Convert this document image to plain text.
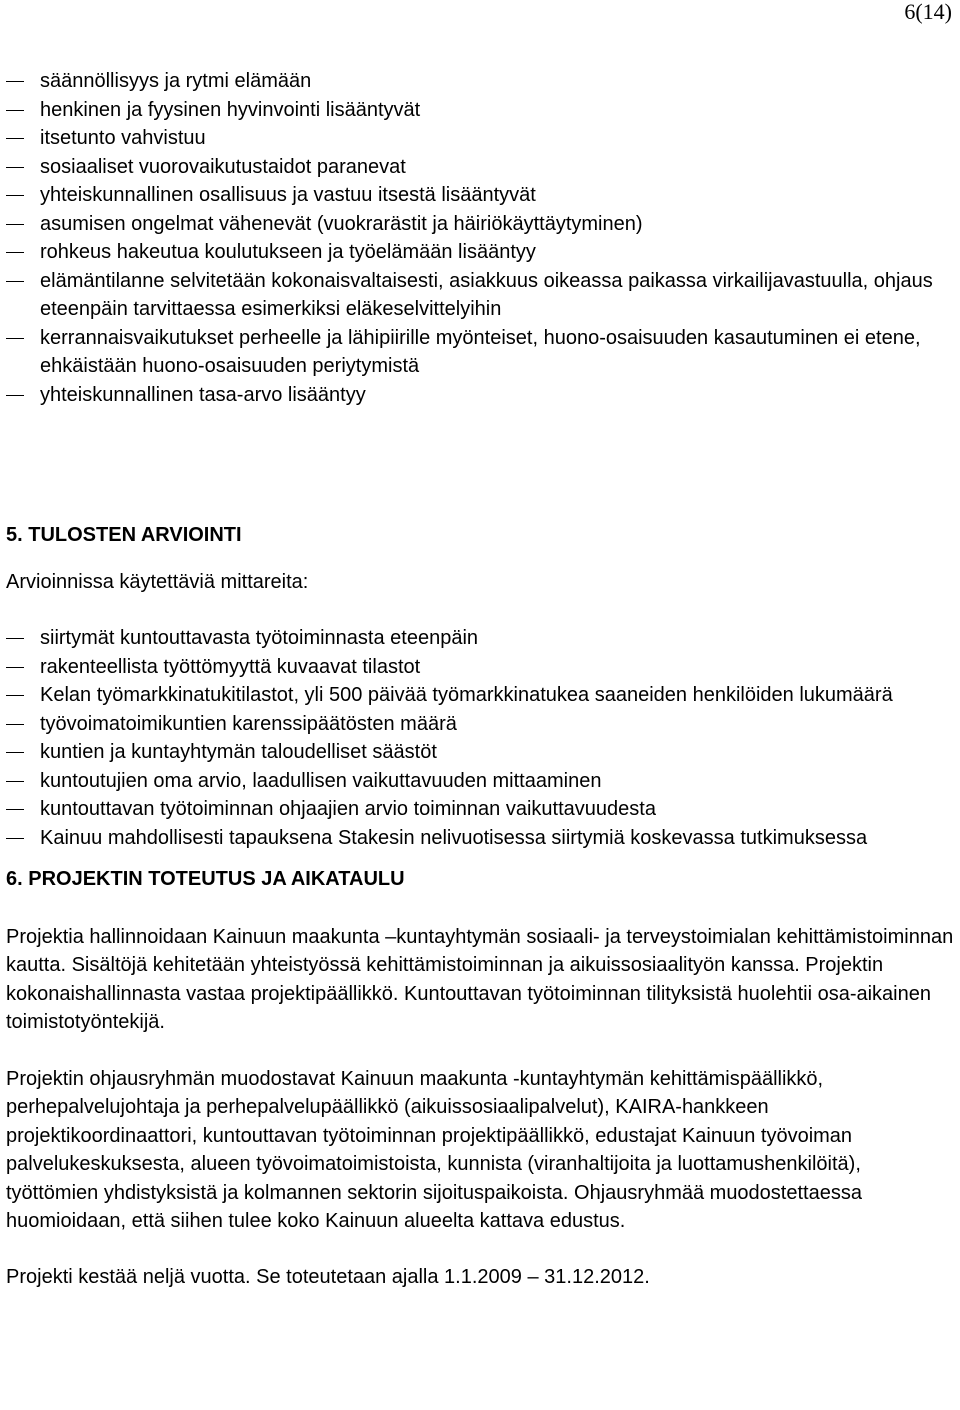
6(14)
säännöllisyys ja rytmi elämään
henkinen ja fyysinen hyvinvointi lisääntyvät
itsetunto vahvistuu
sosiaaliset vuorovaikutustaidot paranevat
yhteiskunnallinen osallisuus ja vastuu itsestä lisääntyvät
asumisen ongelmat vähenevät (vuokrarästit ja häiriökäyttäytyminen)
rohkeus hakeutua koulutukseen ja työelämään lisääntyy
elämäntilanne selvitetään kokonaisvaltaisesti, asiakkuus oikeassa paikassa virkailijavastuulla, ohjaus eteenpäin tarvittaessa esimerkiksi eläkeselvittelyihin
kerrannaisvaikutukset perheelle ja lähipiirille myönteiset, huono-osaisuuden kasautuminen ei etene, ehkäistään huono-osaisuuden periytymistä
yhteiskunnallinen tasa-arvo lisääntyy
5. TULOSTEN ARVIOINTI

Arvioinnissa käytettäviä mittareita:

siirtymät kuntouttavasta työtoiminnasta eteenpäin
rakenteellista työttömyyttä kuvaavat tilastot
Kelan työmarkkinatukitilastot, yli 500 päivää työmarkkinatukea saaneiden henkilöiden lukumäärä
työvoimatoimikuntien karenssipäätösten määrä
kuntien ja kuntayhtymän taloudelliset säästöt
kuntoutujien oma arvio, laadullisen vaikuttavuuden mittaaminen
kuntouttavan työtoiminnan ohjaajien arvio toiminnan vaikuttavuudesta
Kainuu mahdollisesti tapauksena Stakesin nelivuotisessa siirtymiä koskevassa tutkimuksessa
6. PROJEKTIN TOTEUTUS JA AIKATAULU

Projektia hallinnoidaan Kainuun maakunta –kuntayhtymän sosiaali- ja terveystoimialan kehittämistoiminnan kautta. Sisältöjä kehitetään yhteistyössä kehittämistoiminnan ja aikuissosiaalityön kanssa. Projektin kokonaishallinnasta vastaa projektipäällikkö. Kuntouttavan työtoiminnan tilityksistä huolehtii osa-aikainen toimistotyöntekijä.

Projektin ohjausryhmän muodostavat Kainuun maakunta -kuntayhtymän kehittämispäällikkö, perhepalvelujohtaja ja perhepalvelupäällikkö (aikuissosiaalipalvelut), KAIRA-hankkeen projektikoordinaattori, kuntouttavan työtoiminnan projektipäällikkö, edustajat Kainuun työvoiman palvelukeskuksesta, alueen työvoimatoimistoista, kunnista (viranhaltijoita ja luottamushenkilöitä), työttömien yhdistyksistä ja kolmannen sektorin sijoituspaikoista. Ohjausryhmää muodostettaessa huomioidaan, että siihen tulee koko Kainuun alueelta kattava edustus.

Projekti kestää neljä vuotta. Se toteutetaan ajalla 1.1.2009 – 31.12.2012.
